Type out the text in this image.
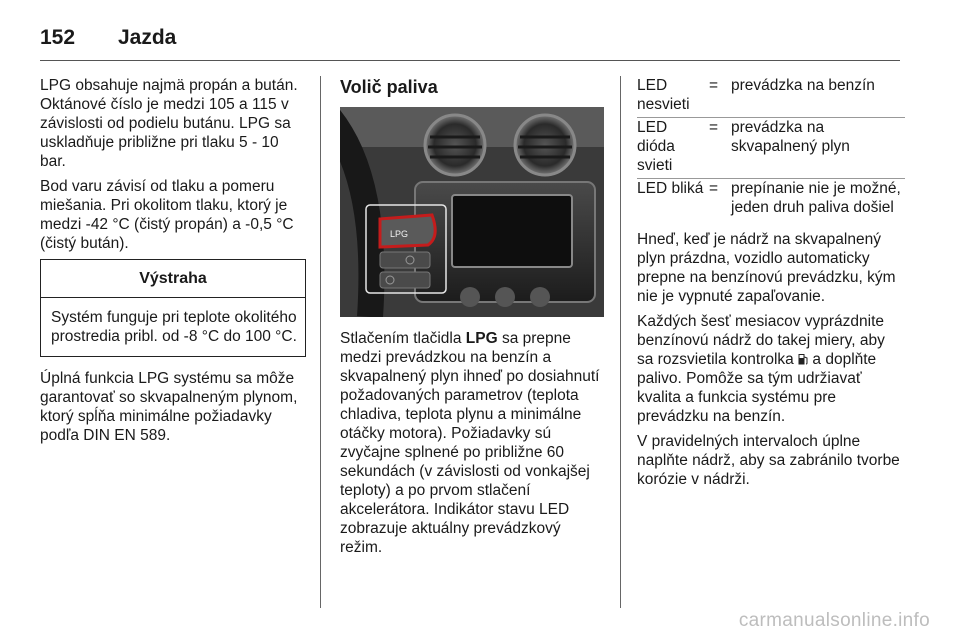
152	Jazda

LPG obsahuje najmä propán a bután. Oktánové číslo je medzi 105 a 115 v závislosti od podielu butánu. LPG sa uskladňuje približne pri tlaku 5 - 10 bar.

Bod varu závisí od tlaku a pomeru miešania. Pri okolitom tlaku, ktorý je medzi -42 °C (čistý propán) a -0,5 °C (čistý bután).

Výstraha
Systém funguje pri teplote okolitého prostredia pribl. od -8 °C do 100 °C.

Úplná funkcia LPG systému sa môže garantovať so skvapalneným plynom, ktorý spĺňa minimálne požiadavky podľa DIN EN 589.

Volič paliva
LPG

Stlačením tlačidla LPG sa prepne medzi prevádzkou na benzín a skvapalnený plyn ihneď po dosiahnutí požadovaných parametrov (teplota chladiva, teplota plynu a minimálne otáčky motora). Požiadavky sú zvyčajne splnené po približne 60 sekundách (v závislosti od vonkajšej teploty) a po prvom stlačení akcelerátora. Indikátor stavu LED zobrazuje aktuálny prevádzkový režim.

LED nesvieti	=	prevádzka na benzín
LED dióda svieti	=	prevádzka na skvapalnený plyn
LED bliká	=	prepínanie nie je možné, jeden druh paliva došiel

Hneď, keď je nádrž na skvapalnený plyn prázdna, vozidlo automaticky prepne na benzínovú prevádzku, kým nie je vypnuté zapaľovanie.

Každých šesť mesiacov vyprázdnite benzínovú nádrž do takej miery, aby sa rozsvietila kontrolka  a doplňte palivo. Pomôže sa tým udržiavať kvalita a funkcia systému pre prevádzku na benzín.

V pravidelných intervaloch úplne naplňte nádrž, aby sa zabránilo tvorbe korózie v nádrži.

carmanualsonline.info
